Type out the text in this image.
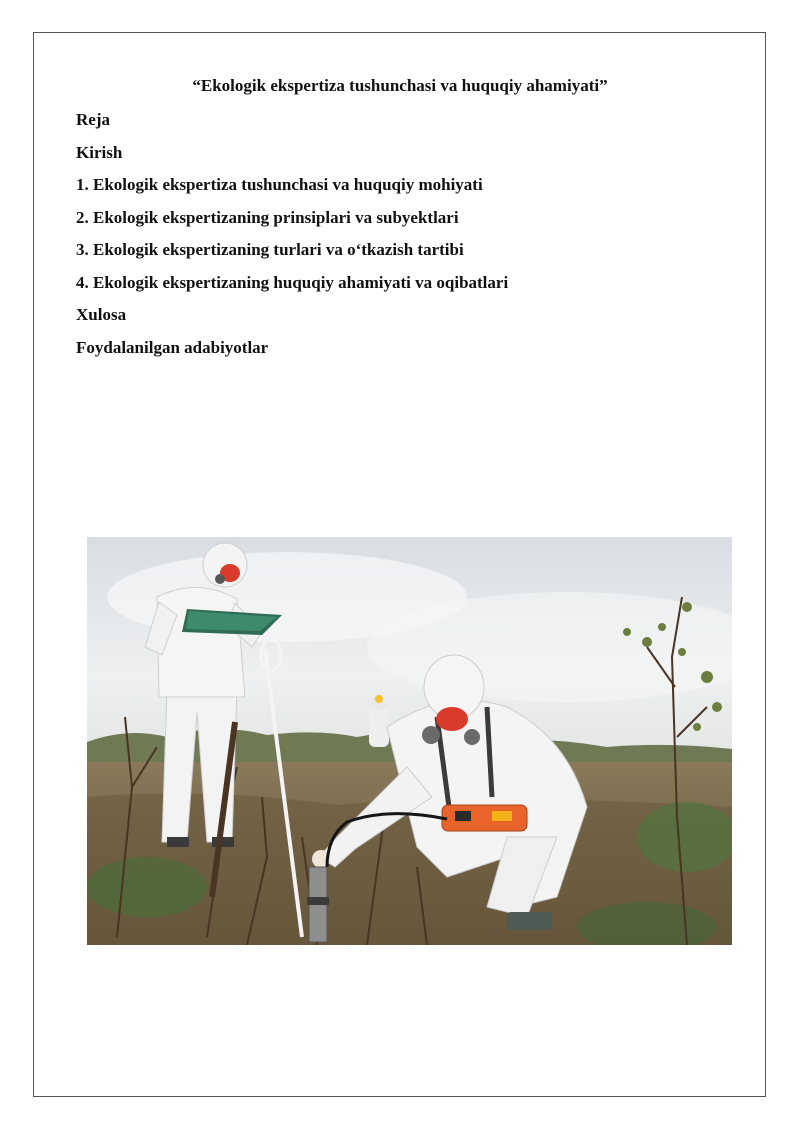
“Ekologik ekspertiza tushunchasi va huquqiy ahamiyati”
Reja
Kirish
1. Ekologik ekspertiza tushunchasi va huquqiy mohiyati
2. Ekologik ekspertizaning prinsiplari va subyektlari
3. Ekologik ekspertizaning turlari va o‘tkazish tartibi
4. Ekologik ekspertizaning huquqiy ahamiyati va oqibatlari
Xulosa
Foydalanilgan adabiyotlar
